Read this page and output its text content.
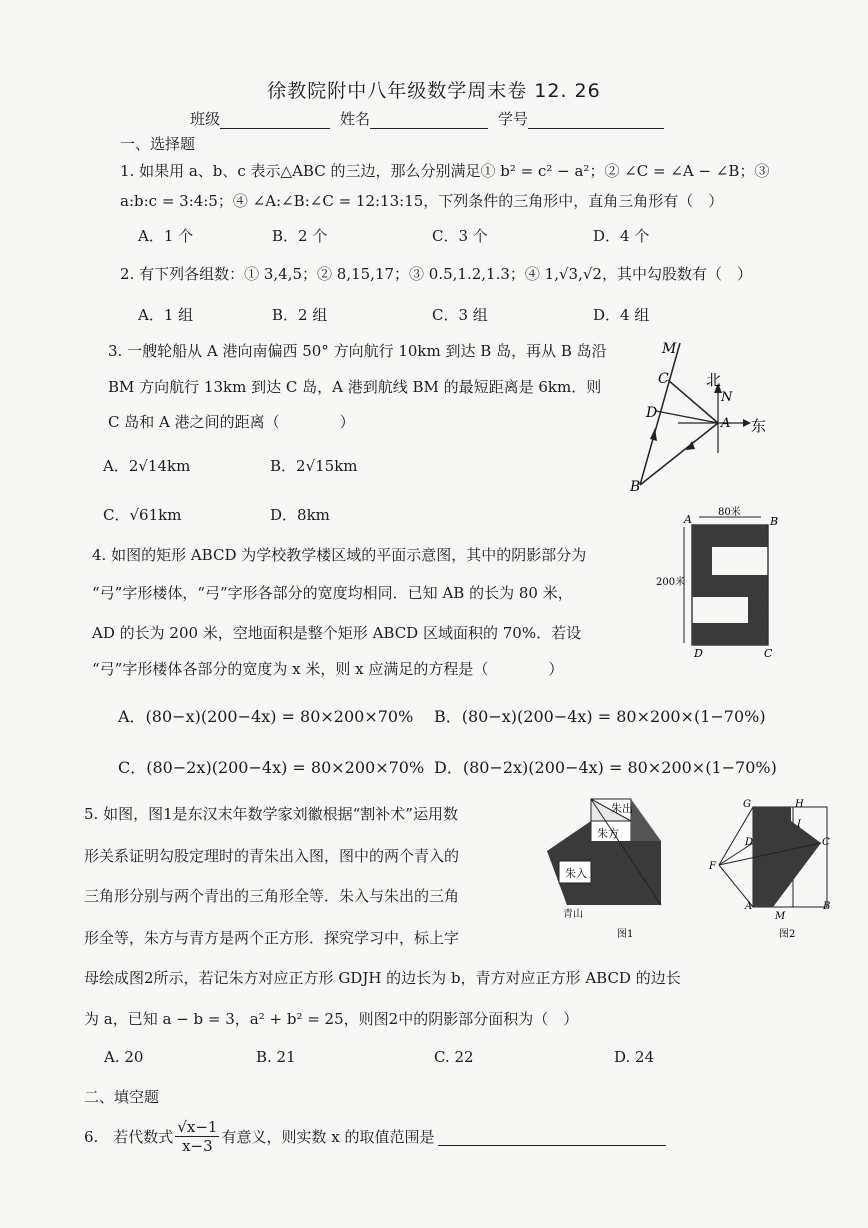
徐教院附中八年级数学周末卷 12. 26
班级	姓名	学号
一、选择题
1. 如果用 a、b、c 表示△ABC 的三边，那么分别满足① b² = c² − a²；② ∠C = ∠A − ∠B；③
a:b:c = 3:4:5；④ ∠A:∠B:∠C = 12:13:15，下列条件的三角形中，直角三角形有（　）
A．1 个	B．2 个	C．3 个	D．4 个
2. 有下列各组数：① 3,4,5；② 8,15,17；③ 0.5,1.2,1.3；④ 1,√3,√2，其中勾股数有（　）
A．1 组	B．2 组	C．3 组	D．4 组
3. 一艘轮船从 A 港向南偏西 50° 方向航行 10km 到达 B 岛，再从 B 岛沿
BM 方向航行 13km 到达 C 岛，A 港到航线 BM 的最短距离是 6km．则
C 岛和 A 港之间的距离（　　　　）
A．2√14km	B．2√15km
C．√61km	D．8km
M
C
D
A
B
N
北
东
4. 如图的矩形 ABCD 为学校教学楼区域的平面示意图，其中的阴影部分为
“弓”字形楼体，“弓”字形各部分的宽度均相同．已知 AB 的长为 80 米，
AD 的长为 200 米，空地面积是整个矩形 ABCD 区域面积的 70%．若设
“弓”字形楼体各部分的宽度为 x 米，则 x 应满足的方程是（　　　　）
A．(80−x)(200−4x) = 80×200×70% B．(80−x)(200−4x) = 80×200×(1−70%)
C．(80−2x)(200−4x) = 80×200×70% D．(80−2x)(200−4x) = 80×200×(1−70%)
A	B
C
D
80米
200米
5. 如图，图1是东汉末年数学家刘徽根据“割补术”运用数
形关系证明勾股定理时的青朱出入图，图中的两个青入的
三角形分别与两个青出的三角形全等．朱入与朱出的三角
形全等，朱方与青方是两个正方形．探究学习中，标上字
母绘成图2所示，若记朱方对应正方形 GDJH 的边长为 b，青方对应正方形 ABCD 的边长
为 a，已知 a − b = 3，a² + b² = 25，则图2中的阴影部分面积为（　）
A. 20	B. 21	C. 22	D. 24
朱出
朱方
朱入
青山
图1
G	H
I
D	C
F
A
M
B
图2
二、填空题
6.　若代数式 $\frac{√x-1}{x-3}$ 有意义，则实数 x 的取值范围是
